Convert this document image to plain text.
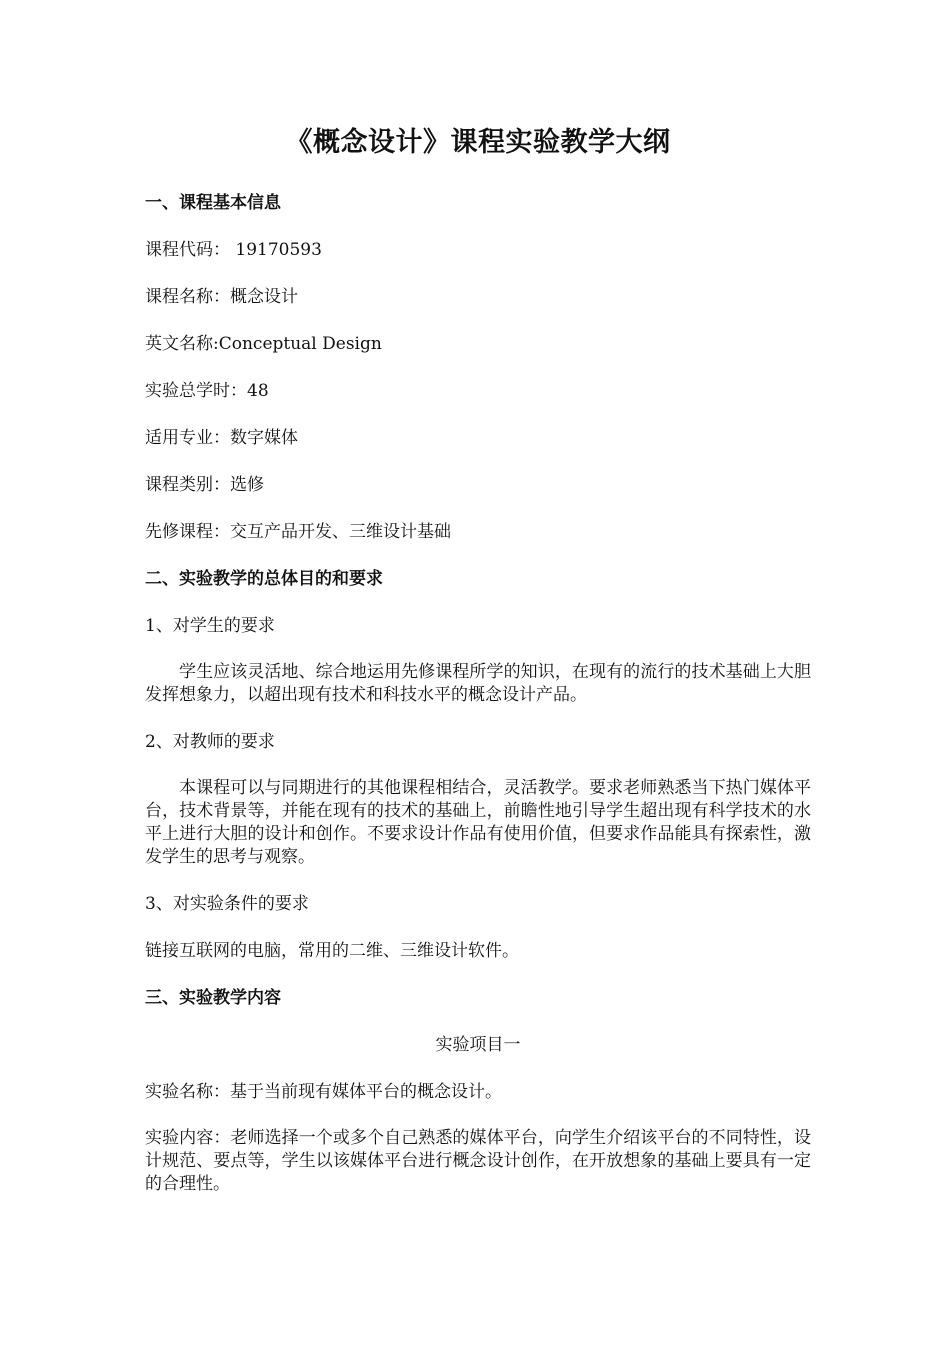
《概念设计》课程实验教学大纲
一、课程基本信息
课程代码： 19170593
课程名称：概念设计
英文名称:Conceptual Design
实验总学时：48
适用专业：数字媒体
课程类别：选修
先修课程：交互产品开发、三维设计基础
二、实验教学的总体目的和要求
1、对学生的要求
学生应该灵活地、综合地运用先修课程所学的知识，在现有的流行的技术基础上大胆发挥想象力，以超出现有技术和科技水平的概念设计产品。
2、对教师的要求
本课程可以与同期进行的其他课程相结合，灵活教学。要求老师熟悉当下热门媒体平台，技术背景等，并能在现有的技术的基础上，前瞻性地引导学生超出现有科学技术的水平上进行大胆的设计和创作。不要求设计作品有使用价值，但要求作品能具有探索性，激发学生的思考与观察。
3、对实验条件的要求
链接互联网的电脑，常用的二维、三维设计软件。
三、实验教学内容
实验项目一
实验名称：基于当前现有媒体平台的概念设计。
实验内容：老师选择一个或多个自己熟悉的媒体平台，向学生介绍该平台的不同特性，设计规范、要点等，学生以该媒体平台进行概念设计创作，在开放想象的基础上要具有一定的合理性。
